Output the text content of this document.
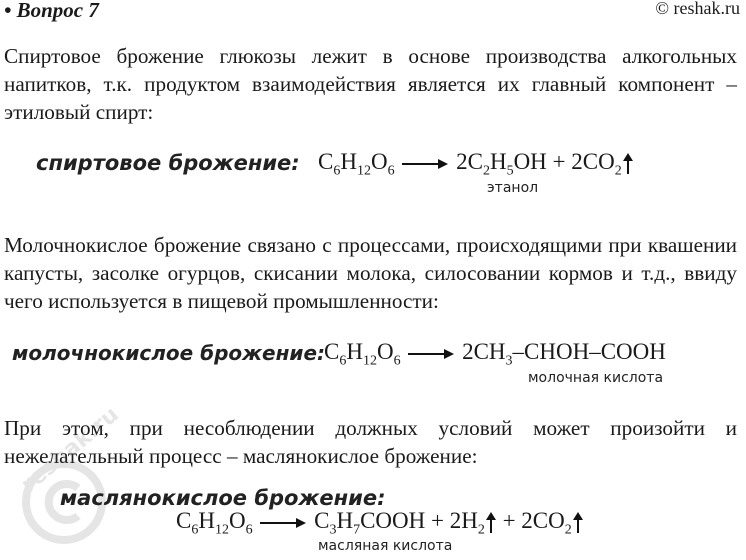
• Вопрос 7	© reshak.ru
Спиртовое брожение глюкозы лежит в основе производства алкогольных напитков, т.к. продуктом взаимодействия является их главный компонент – этиловый спирт:
спиртовое брожение: $C_6H_{12}O_6 \to 2C_2H_5OH + 2CO_2$
этанол
Молочнокислое брожение связано с процессами, происходящими при квашении капусты, засолке огурцов, скисании молока, силосовании кормов и т.д., ввиду чего используется в пищевой промышленности:
молочнокислое брожение:
$C_6H_{12}O_6$ → $2CH_3-CHOH$–COOH
молочная кислота
При этом, при несоблюдении должных условий может произойти и нежелательный процесс – маслянокислое брожение:
reshak.ru
маслянокислое брожение:
$C_6H_{12}O_6$ → $C_3H_7COOH + 2H_2 + 2CO_2$
масляная кислота
